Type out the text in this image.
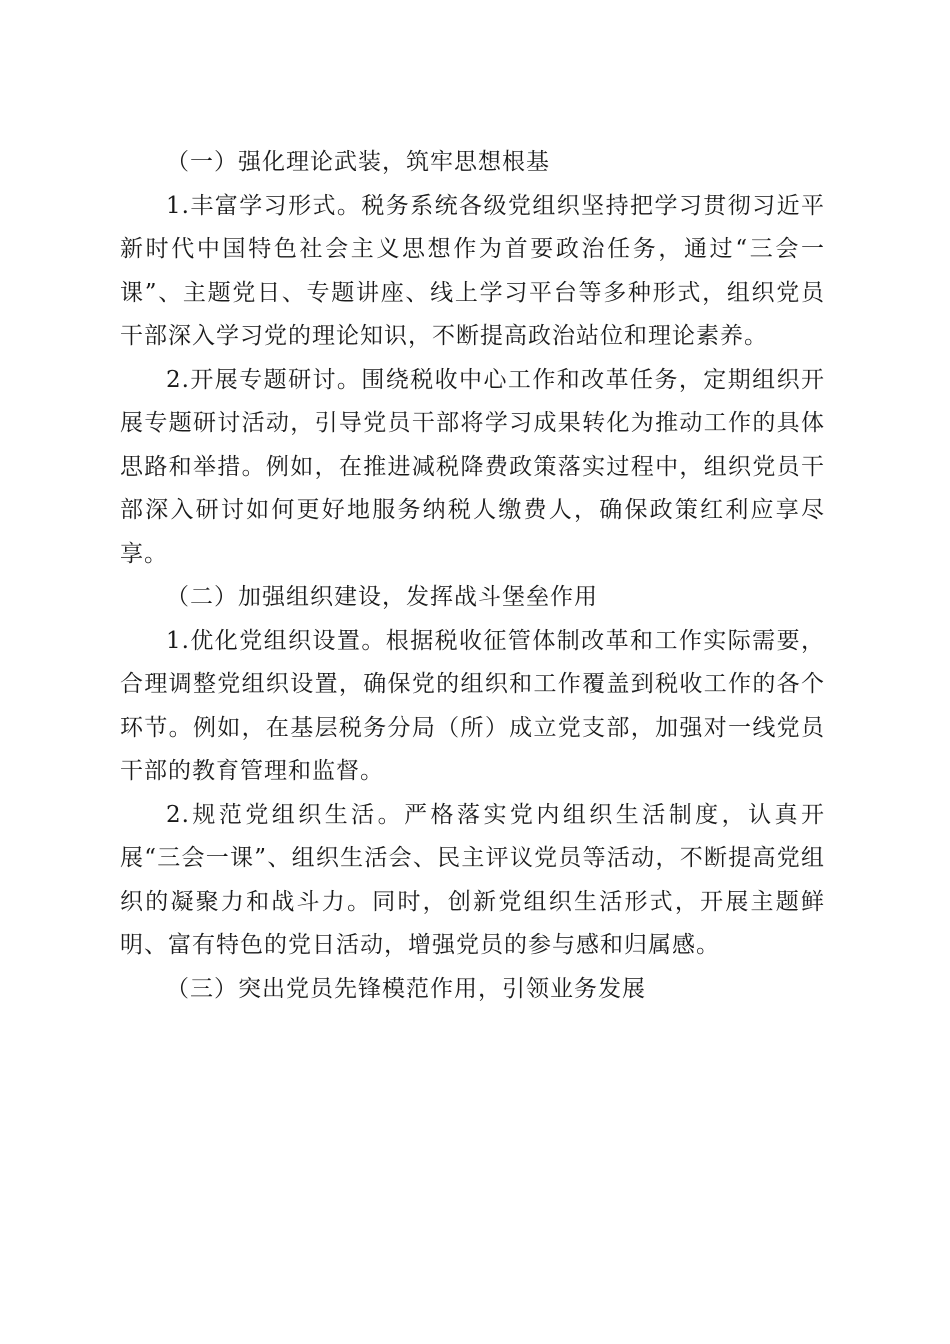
（一）强化理论武装，筑牢思想根基

1.丰富学习形式。税务系统各级党组织坚持把学习贯彻习近平新时代中国特色社会主义思想作为首要政治任务，通过“三会一课”、主题党日、专题讲座、线上学习平台等多种形式，组织党员干部深入学习党的理论知识，不断提高政治站位和理论素养。

2.开展专题研讨。围绕税收中心工作和改革任务，定期组织开展专题研讨活动，引导党员干部将学习成果转化为推动工作的具体思路和举措。例如，在推进减税降费政策落实过程中，组织党员干部深入研讨如何更好地服务纳税人缴费人，确保政策红利应享尽享。

（二）加强组织建设，发挥战斗堡垒作用

1.优化党组织设置。根据税收征管体制改革和工作实际需要，合理调整党组织设置，确保党的组织和工作覆盖到税收工作的各个环节。例如，在基层税务分局（所）成立党支部，加强对一线党员干部的教育管理和监督。

2.规范党组织生活。严格落实党内组织生活制度，认真开展“三会一课”、组织生活会、民主评议党员等活动，不断提高党组织的凝聚力和战斗力。同时，创新党组织生活形式，开展主题鲜明、富有特色的党日活动，增强党员的参与感和归属感。

（三）突出党员先锋模范作用，引领业务发展
